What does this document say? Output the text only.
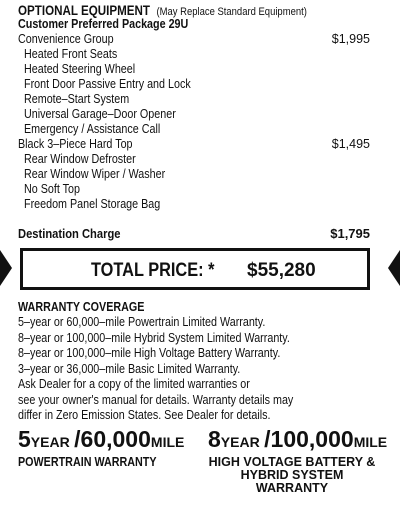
OPTIONAL EQUIPMENT (May Replace Standard Equipment)
Customer Preferred Package 29U
Convenience Group	$1,995
Heated Front Seats
Heated Steering Wheel
Front Door Passive Entry and Lock
Remote–Start System
Universal Garage–Door Opener
Emergency / Assistance Call
Black 3–Piece Hard Top	$1,495
Rear Window Defroster
Rear Window Wiper / Washer
No Soft Top
Freedom Panel Storage Bag
Destination Charge	$1,795
TOTAL PRICE: *	$55,280
WARRANTY COVERAGE
5–year or 60,000–mile Powertrain Limited Warranty.
8–year or 100,000–mile Hybrid System Limited Warranty.
8–year or 100,000–mile High Voltage Battery Warranty.
3–year or 36,000–mile Basic Limited Warranty.
Ask Dealer for a copy of the limited warranties or
see your owner's manual for details. Warranty details may
differ in Zero Emission States. See Dealer for details.
5YEAR /60,000MILE
POWERTRAIN WARRANTY
8YEAR /100,000MILE
HIGH VOLTAGE BATTERY &
HYBRID SYSTEM WARRANTY
